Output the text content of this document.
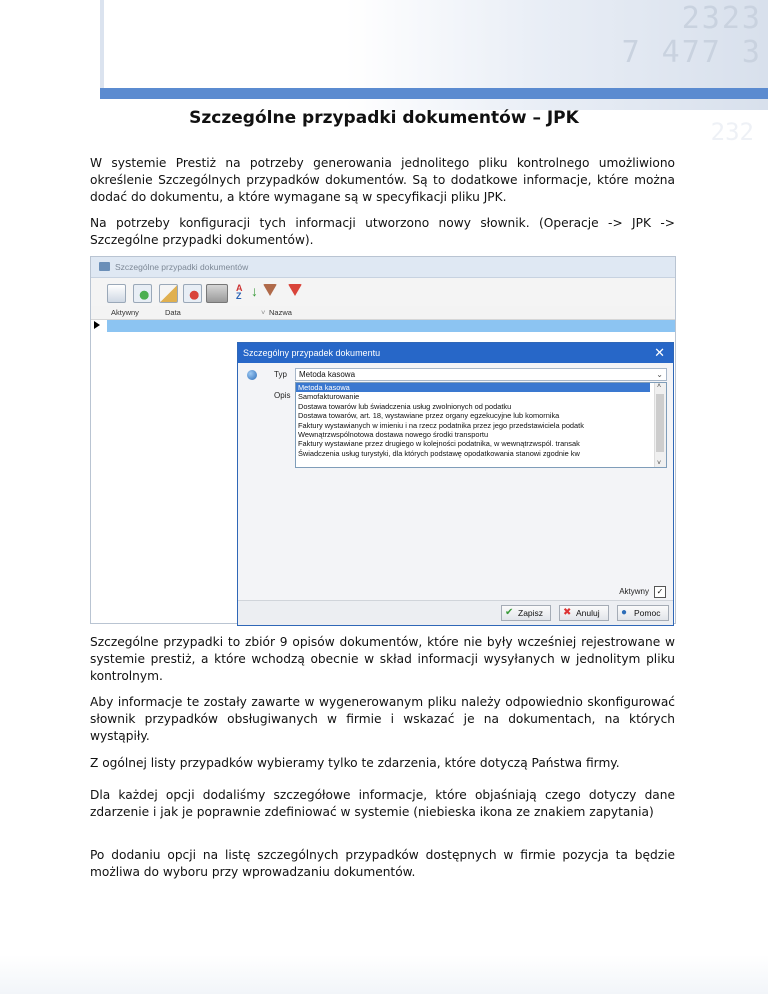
2323
7 477 3
232
Szczególne przypadki dokumentów – JPK
W systemie Prestiż na potrzeby generowania jednolitego pliku kontrolnego umożliwiono określenie Szczególnych przypadków dokumentów. Są to dodatkowe informacje, które można dodać do dokumentu, a które wymagane są w specyfikacji pliku JPK.
Na potrzeby konfiguracji tych informacji utworzono nowy słownik. (Operacje -> JPK -> Szczególne przypadki dokumentów).
Szczególne przypadki dokumentów
A
Z ↓
Aktywny	Data	˅ Nazwa
Szczególny przypadek dokumentu	✕
Typ
Opis
Metoda kasowa	⌄
Metoda kasowa
Samofakturowanie
Dostawa towarów lub świadczenia usług zwolnionych od podatku
Dostawa towarów, art. 18, wystawiane przez organy egzekucyjne lub komornika
Faktury wystawianych w imieniu i na rzecz podatnika przez jego przedstawiciela podatk
Wewnątrzwspólnotowa dostawa nowego środki transportu
Faktury wystawiane przez drugiego w kolejności podatnika, w wewnątrzwspól. transak
Świadczenia usług turystyki, dla których podstawę opodatkowania stanowi zgodnie kw
˄
˅
Aktywny ✓
✔ Zapisz	✖ Anuluj	● Pomoc
Szczególne przypadki to zbiór 9 opisów dokumentów, które nie były wcześniej rejestrowane w systemie prestiż, a które wchodzą obecnie w skład informacji wysyłanych w jednolitym pliku kontrolnym.
Aby informacje te zostały zawarte w wygenerowanym pliku należy odpowiednio skonfigurować słownik przypadków obsługiwanych w firmie i wskazać je na dokumentach, na których wystąpiły.
Z ogólnej listy przypadków wybieramy tylko te zdarzenia, które dotyczą Państwa firmy.
Dla każdej opcji dodaliśmy szczegółowe informacje, które objaśniają czego dotyczy dane zdarzenie i jak je poprawnie zdefiniować w systemie (niebieska ikona ze znakiem zapytania)
Po dodaniu opcji na listę szczególnych przypadków dostępnych w firmie pozycja ta będzie możliwa do wyboru przy wprowadzaniu dokumentów.
